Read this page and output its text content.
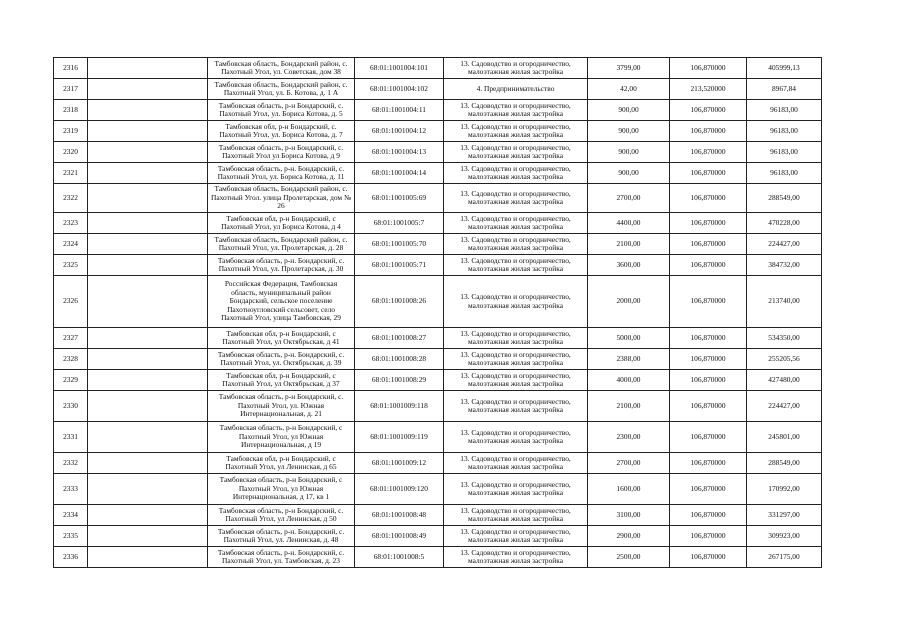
2316		Тамбовская область, Бондарский район, с. Пахотный Угол, ул. Советская, дом 38	68:01:1001004:101	13. Садоводство и огородничество, малоэтажная жилая застройка	3799,00	106,870000	405999,13
2317		Тамбовская область, Бондарский район, с. Пахотный Угол, ул. Б. Котова, д. 1 А	68:01:1001004:102	4. Предпринимательство	42,00	213,520000	8967,84
2318		Тамбовская область, р-н Бондарский, с. Пахотный Угол, ул. Бориса Котова, д. 5	68:01:1001004:11	13. Садоводство и огородничество, малоэтажная жилая застройка	900,00	106,870000	96183,00
2319		Тамбовская обл, р-н Бондарский, с. Пахотный Угол, ул. Бориса Котова, д. 7	68:01:1001004:12	13. Садоводство и огородничество, малоэтажная жилая застройка	900,00	106,870000	96183,00
2320		Тамбовская область, р-н Бондарский, с. Пахотный Угол ул Бориса Котова, д 9	68:01:1001004:13	13. Садоводство и огородничество, малоэтажная жилая застройка	900,00	106,870000	96183,00
2321		Тамбовская область, р-н. Бондарский, с. Пахотный Угол, ул. Бориса Котова, д. 11	68:01:1001004:14	13. Садоводство и огородничество, малоэтажная жилая застройка	900,00	106,870000	96183,00
2322		Тамбовская область, Бондарский район, с. Пахотный Угол. улица Пролетарская, дом № 26	68:01:1001005:69	13. Садоводство и огородничество, малоэтажная жилая застройка	2700,00	106,870000	288549,00
2323		Тамбовская обл, р-н Бондарский, с Пахотный Угол, ул Бориса Котова, д 4	68:01:1001005:7	13. Садоводство и огородничество, малоэтажная жилая застройка	4400,00	106,870000	470228,00
2324		Тамбовская область, Бондарский район, с. Пахотный Угол, ул. Пролетарская, д. 28	68:01:1001005:70	13. Садоводство и огородничество, малоэтажная жилая застройка	2100,00	106,870000	224427,00
2325		Тамбовская область, р-н. Бондарский, с. Пахотный Угол, ул. Пролетарская, д. 30	68:01:1001005:71	13. Садоводство и огородничество, малоэтажная жилая застройка	3600,00	106,870000	384732,00
2326		Российская Федерация, Тамбовская область, муниципальный район Бондарский, сельское поселение Пахотноугловский сельсовет, село Пахотный Угол, улица Тамбовская, 29	68:01:1001008:26	13. Садоводство и огородничество, малоэтажная жилая застройка	2000,00	106,870000	213740,00
2327		Тамбовская обл, р-н Бондарский, с Пахотный Угол, ул Октябрьская, д 41	68:01:1001008:27	13. Садоводство и огородничество, малоэтажная жилая застройка	5000,00	106,870000	534350,00
2328		Тамбовская область, р-н. Бондарский, с. Пахотный Угол, ул. Октябрьская, д. 39	68:01:1001008:28	13. Садоводство и огородничество, малоэтажная жилая застройка	2388,00	106,870000	255205,56
2329		Тамбовская обл, р-н Бондарский, с Пахотный Угол, ул Октябрьская, д 37	68:01:1001008:29	13. Садоводство и огородничество, малоэтажная жилая застройка	4000,00	106,870000	427480,00
2330		Тамбовская область, р-н Бондарский, с. Пахотный Угол, ул. Южная Интернациональная, д. 21	68:01:1001009:118	13. Садоводство и огородничество, малоэтажная жилая застройка	2100,00	106,870000	224427,00
2331		Тамбовская область, р-н Бондарский, с Пахотный Угол, ул Южная Интернациональная, д 19	68:01:1001009:119	13. Садоводство и огородничество, малоэтажная жилая застройка	2300,00	106,870000	245801,00
2332		Тамбовская обл, р-н Бондарский, с Пахотный Угол, ул Ленинская, д 65	68:01:1001009:12	13. Садоводство и огородничество, малоэтажная жилая застройка	2700,00	106,870000	288549,00
2333		Тамбовская область, р-н Бондарский, с Пахотный Угол, ул Южная Интернациональная, д 17, кв 1	68:01:1001009:120	13. Садоводство и огородничество, малоэтажная жилая застройка	1600,00	106,870000	170992,00
2334		Тамбовская область, р-н Бондарский, с. Пахотный Угол, ул Ленинская, д 50	68:01:1001008:48	13. Садоводство и огородничество, малоэтажная жилая застройка	3100,00	106,870000	331297,00
2335		Тамбовская область, р-н. Бондарский, с. Пахотный Угол, ул. Ленинская, д. 48	68:01:1001008:49	13. Садоводство и огородничество, малоэтажная жилая застройка	2900,00	106,870000	309923,00
2336		Тамбовская область, р-н. Бондарский, с. Пахотный Угол, ул. Тамбовская, д. 23	68:01:1001008:5	13. Садоводство и огородничество, малоэтажная жилая застройка	2500,00	106,870000	267175,00
